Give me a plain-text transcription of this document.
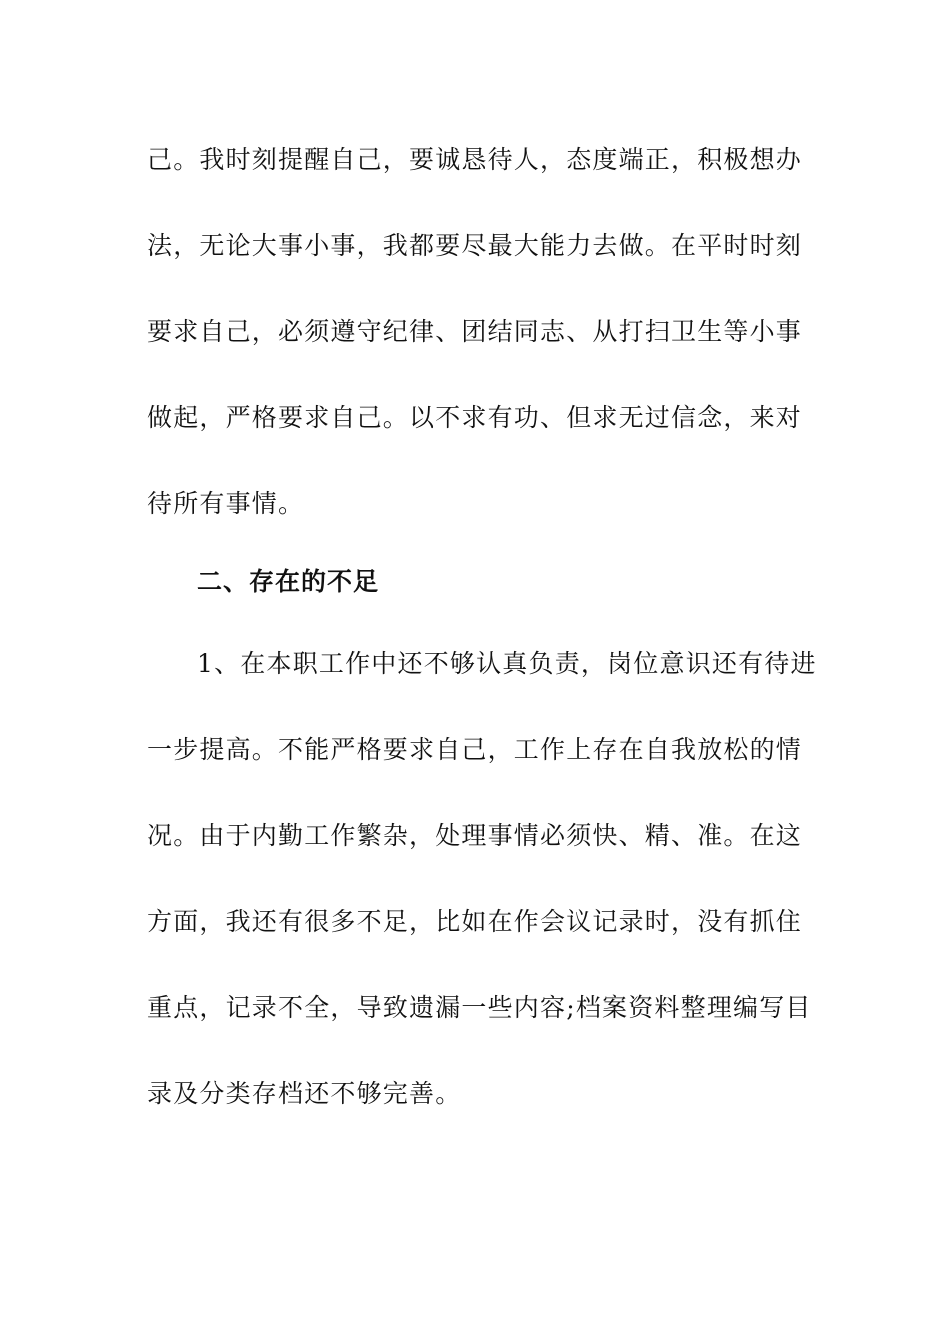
己。我时刻提醒自己，要诚恳待人，态度端正，积极想办
法，无论大事小事，我都要尽最大能力去做。在平时时刻
要求自己，必须遵守纪律、团结同志、从打扫卫生等小事
做起，严格要求自己。以不求有功、但求无过信念，来对
待所有事情。
二、存在的不足
1、在本职工作中还不够认真负责，岗位意识还有待进
一步提高。不能严格要求自己，工作上存在自我放松的情
况。由于内勤工作繁杂，处理事情必须快、精、准。在这
方面，我还有很多不足，比如在作会议记录时，没有抓住
重点，记录不全，导致遗漏一些内容;档案资料整理编写目
录及分类存档还不够完善。
